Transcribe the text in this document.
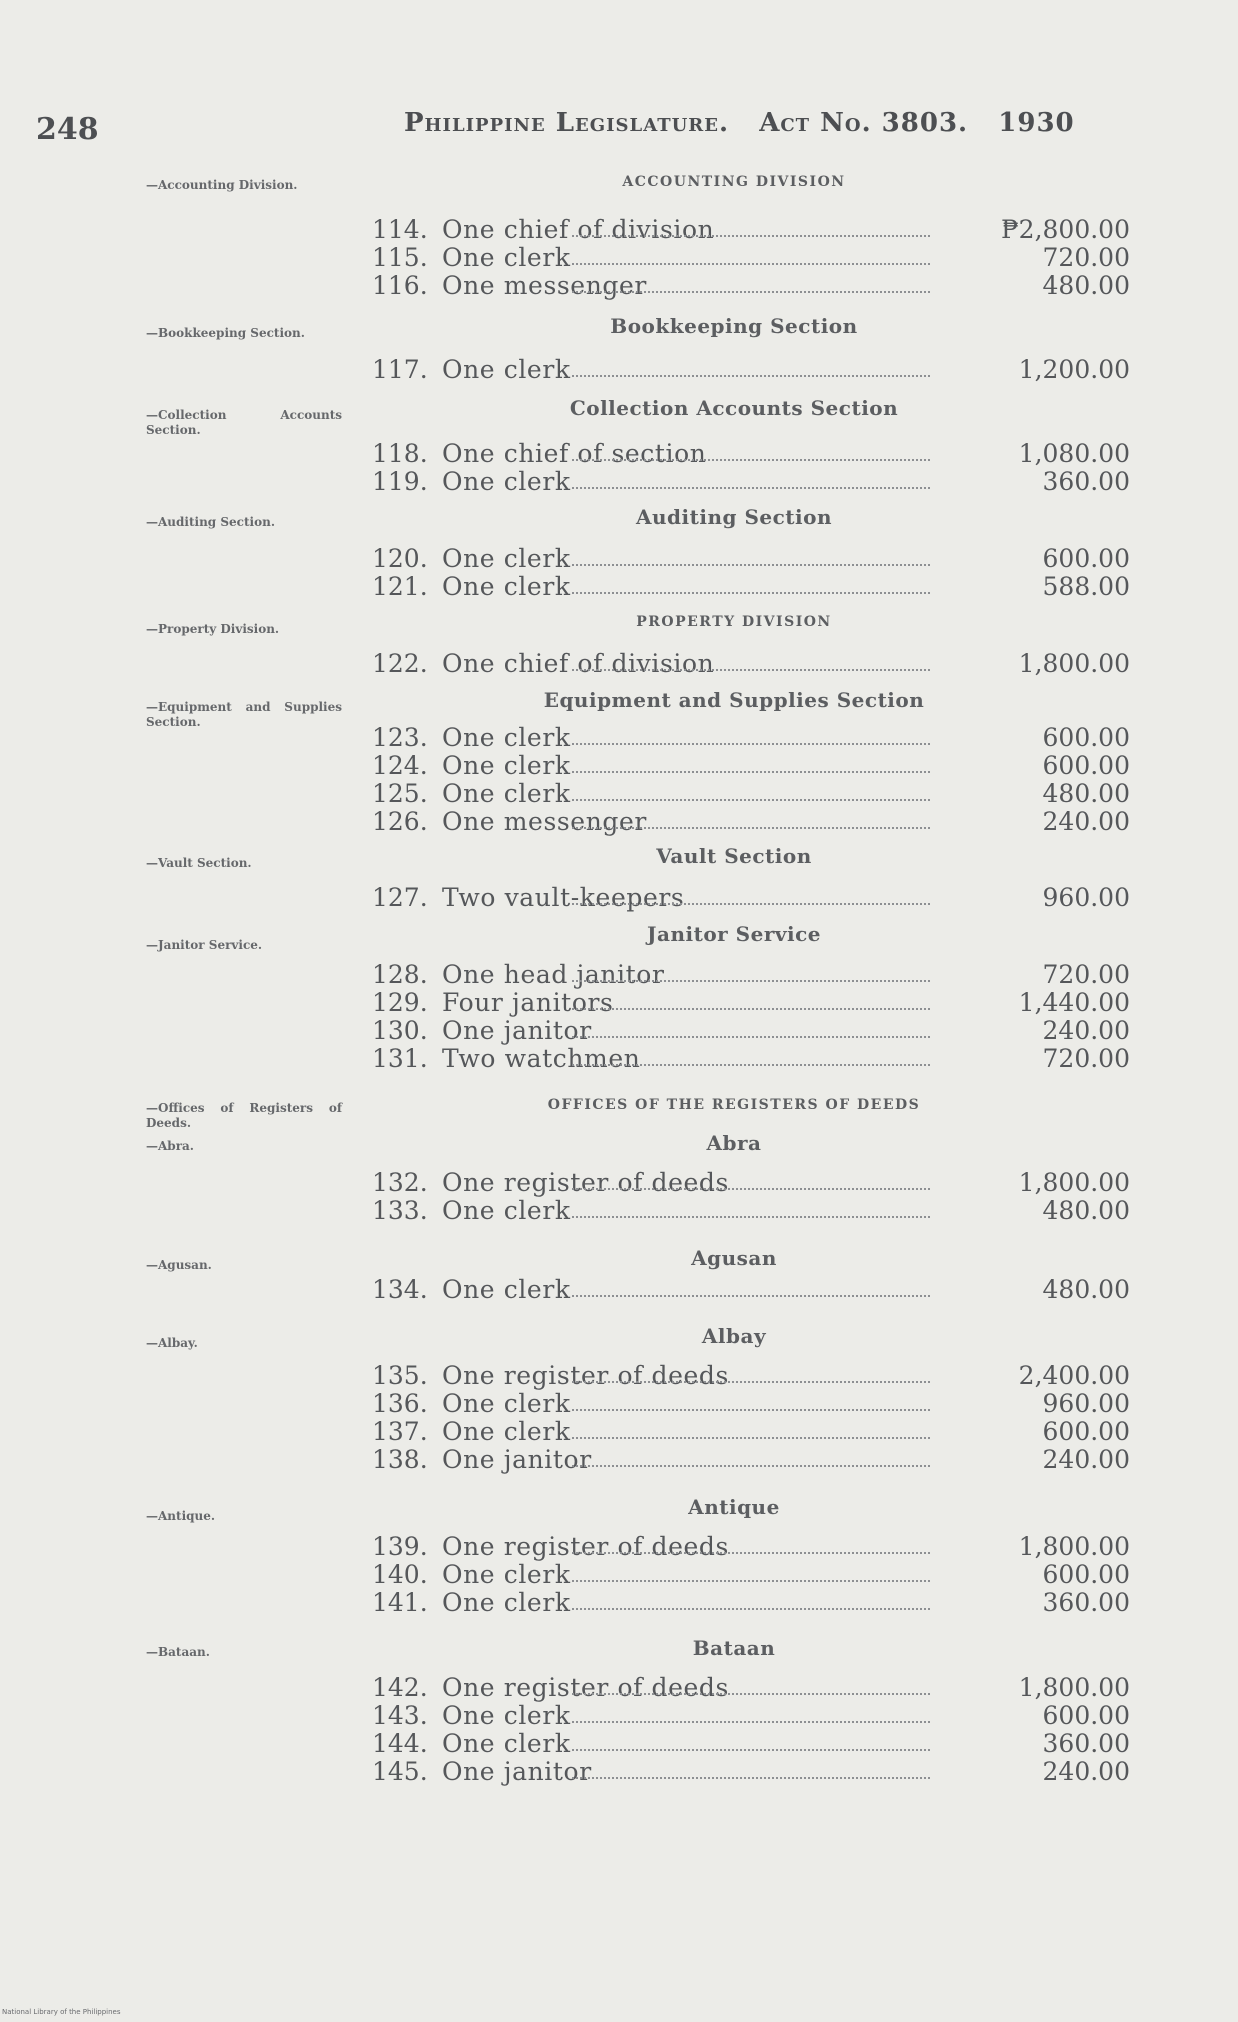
248	Philippine Legislature. Act No. 3803. 1930
—Accounting Division.
—Bookkeeping Section.
—Collection Accounts Section.
—Auditing Section.
—Property Division.
—Equipment and Supplies Section.
—Vault Section.
—Janitor Service.
—Offices of Registers of Deeds.
—Abra.
—Agusan.
—Albay.
—Antique.
—Bataan.
ACCOUNTING DIVISION
Bookkeeping Section
Collection Accounts Section
Auditing Section
PROPERTY DIVISION
Equipment and Supplies Section
Vault Section
Janitor Service
OFFICES OF THE REGISTERS OF DEEDS
Abra
Agusan
Albay
Antique
Bataan
114. One chief of division	₱2,800.00
115. One clerk	720.00
116. One messenger	480.00
117. One clerk	1,200.00
118. One chief of section	1,080.00
119. One clerk	360.00
120. One clerk	600.00
121. One clerk	588.00
122. One chief of division	1,800.00
123. One clerk	600.00
124. One clerk	600.00
125. One clerk	480.00
126. One messenger	240.00
127. Two vault-keepers	960.00
128. One head janitor	720.00
129. Four janitors	1,440.00
130. One janitor	240.00
131. Two watchmen	720.00
132. One register of deeds	1,800.00
133. One clerk	480.00
134. One clerk	480.00
135. One register of deeds	2,400.00
136. One clerk	960.00
137. One clerk	600.00
138. One janitor	240.00
139. One register of deeds	1,800.00
140. One clerk	600.00
141. One clerk	360.00
142. One register of deeds	1,800.00
143. One clerk	600.00
144. One clerk	360.00
145. One janitor	240.00
National Library of the Philippines
